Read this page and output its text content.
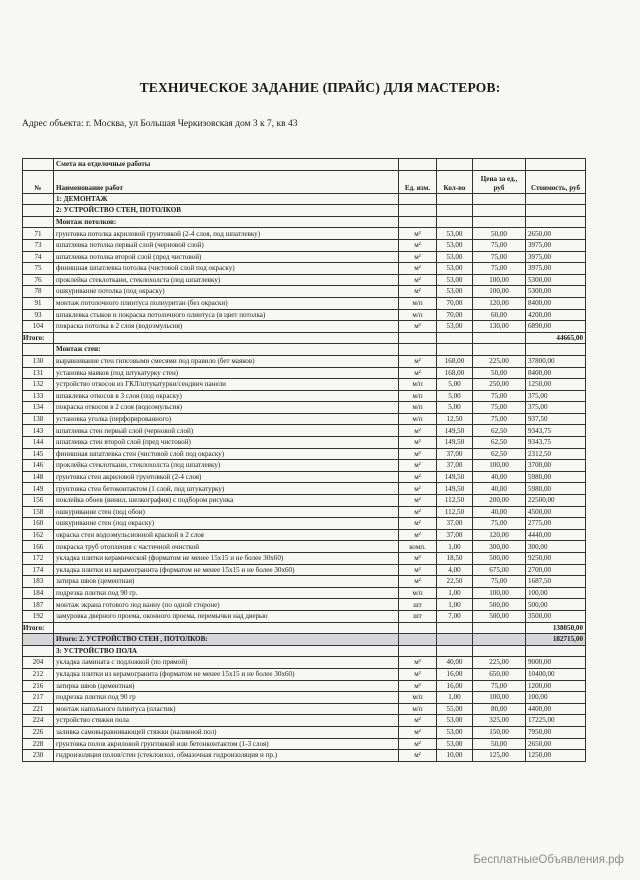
ТЕХНИЧЕСКОЕ ЗАДАНИЕ (ПРАЙС) ДЛЯ МАСТЕРОВ:
Адрес объекта: г. Москва, ул Большая Черкизовская дом 3 к 7, кв 43
	Смета на отделочные работы				
№	Наименование работ	Ед. изм.	Кол-во	Цена за ед., руб	Стоимость, руб
	1: ДЕМОНТАЖ				
	2: УСТРОЙСТВО СТЕН, ПОТОЛКОВ				
	Монтаж потолков:				
71	грунтовка потолка акриловой грунтовкой (2-4 слоя, под шпатлевку)	м²	53,00	50,00	2650,00
73	шпатлевка потолка первый слой (черновой слой)	м²	53,00	75,00	3975,00
74	шпатлевка потолка второй слой (пред чистовой)	м²	53,00	75,00	3975,00
75	финишная шпатлевка потолка (чистовой слой под окраску)	м²	53,00	75,00	3975,00
76	проклейка стеклоткани, стеклохолста (под шпатлевку)	м²	53,00	100,00	5300,00
78	ошкуривание потолка (под окраску)	м²	53,00	100,00	5300,00
91	монтаж потолочного плинтуса полиуритан (без окраски)	м/п	70,00	120,00	8400,00
93	шпаклевка стыков и покраска потолочного плинтуса (в цвет потолка)	м/п	70,00	60,00	4200,00
104	покраска потолка в 2 слоя (водоэмульсия)	м²	53,00	130,00	6890,00
Итого:					44665,00
	Монтаж стен:				
130	выравнивание стен гипсовыми смесями под правило (бет маяков)	м²	168,00	225,00	37800,00
131	установка маяков (под штукатурку стен)	м²	168,00	50,00	8400,00
132	устройство откосов из ГКЛ/штукатурки/сендвич панели	м/п	5,00	250,00	1250,00
133	шпаклевка откосов в 3 слоя (под окраску)	м/п	5,00	75,00	375,00
134	покраска откосов в 2 слоя (водоэмульсия)	м/п	5,00	75,00	375,00
138	установка уголка (перфорированного)	м/п	12,50	75,00	937,50
143	шпатлевка стен первый слой (черновой слой)	м²	149,50	62,50	9343,75
144	шпатлевка стен второй слой (пред чистовой)	м²	149,50	62,50	9343,75
145	финишная шпатлевка стен (чистовой слой под окраску)	м²	37,00	62,50	2312,50
146	проклейка стеклоткани, стеклохолста (под шпатлевку)	м²	37,00	100,00	3700,00
148	грунтовка стен акриловой грунтовкой (2-4 слоя)	м²	149,50	40,00	5980,00
149	грунтовка стен бетоконтактом (1 слой, под штукатурку)	м²	149,50	40,00	5980,00
156	поклейка обоев (винил, шелкография) с подбором рисунка	м²	112,50	200,00	22500,00
158	ошкуривание стен (под обои)	м²	112,50	40,00	4500,00
160	ошкуривание стен (под окраску)	м²	37,00	75,00	2775,00
162	окраска стен водоэмульсионной краской в 2 слоя	м²	37,00	120,00	4440,00
166	покраска труб отопления с частичной очисткой	комп.	1,00	300,00	300,00
172	укладка плитки керамической (форматом не менее 15х15 и не более 30х60)	м²	18,50	500,00	9250,00
174	укладка плитки из керамогранита (форматом не менее 15х15 и не более 30х60)	м²	4,00	675,00	2700,00
183	затирка швов (цементная)	м²	22,50	75,00	1687,50
184	подрезка плитки под 90 гр.	м/п	1,00	100,00	100,00
187	монтаж экрана готового под ванну (по одной стороне)	шт	1,00	500,00	500,00
192	замуровка дверного проема, оконного проема, перемычки над дверью	шт	7,00	500,00	3500,00
Итого:					138050,00
	Итого: 2. УСТРОЙСТВО СТЕН , ПОТОЛКОВ:				182715,00
	3: УСТРОЙСТВО ПОЛА				
204	укладка ламината с подложкой (по прямой)	м²	40,00	225,00	9000,00
212	укладка плитки из керамогранита (форматом не менее 15х15 и не более 30х60)	м²	16,00	650,00	10400,00
216	затирка швов (цементная)	м²	16,00	75,00	1200,00
217	подрезка плитки под 90 гр	м/п	1,00	100,00	100,00
221	монтаж напольного плинтуса (пластик)	м/п	55,00	80,00	4400,00
224	устройство стяжки пола	м²	53,00	325,00	17225,00
226	заливка самовыравнивающей стяжки (наливной пол)	м²	53,00	150,00	7950,00
228	грунтовка полов акриловой грунтовкой или бетонконтактом (1-3 слоя)	м²	53,00	50,00	2650,00
230	гидроизоляция полов/стен (стеклоизол, обмазочная гидроизоляция и пр.)	м²	10,00	125,00	1250,00
БесплатныеОбъявления.рф
